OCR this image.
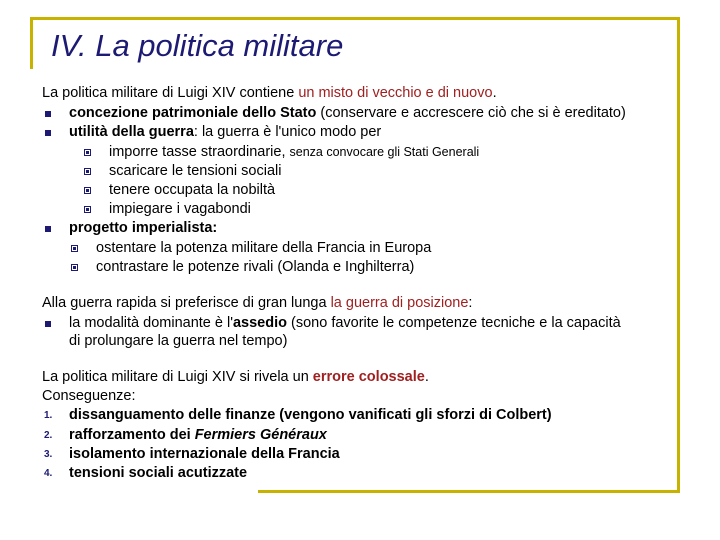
IV. La politica militare
La politica militare di Luigi XIV contiene un misto di vecchio e di nuovo.
concezione patrimoniale dello Stato (conservare e accrescere ciò che si è ereditato)
utilità della guerra: la guerra è l'unico modo per
imporre tasse straordinarie, senza convocare gli Stati Generali
scaricare le tensioni sociali
tenere occupata la nobiltà
impiegare i vagabondi
progetto imperialista:
ostentare la potenza militare della Francia in Europa
contrastare le potenze rivali (Olanda e Inghilterra)
Alla guerra rapida si preferisce di gran lunga la guerra di posizione:
la modalità dominante è l'assedio (sono favorite le competenze tecniche e la capacità
di prolungare la guerra nel tempo)
La politica militare di Luigi XIV si rivela un errore colossale.
Conseguenze:
1. dissanguamento delle finanze (vengono vanificati gli sforzi di Colbert)
2. rafforzamento dei Fermiers Généraux
3. isolamento internazionale della Francia
4. tensioni sociali acutizzate
